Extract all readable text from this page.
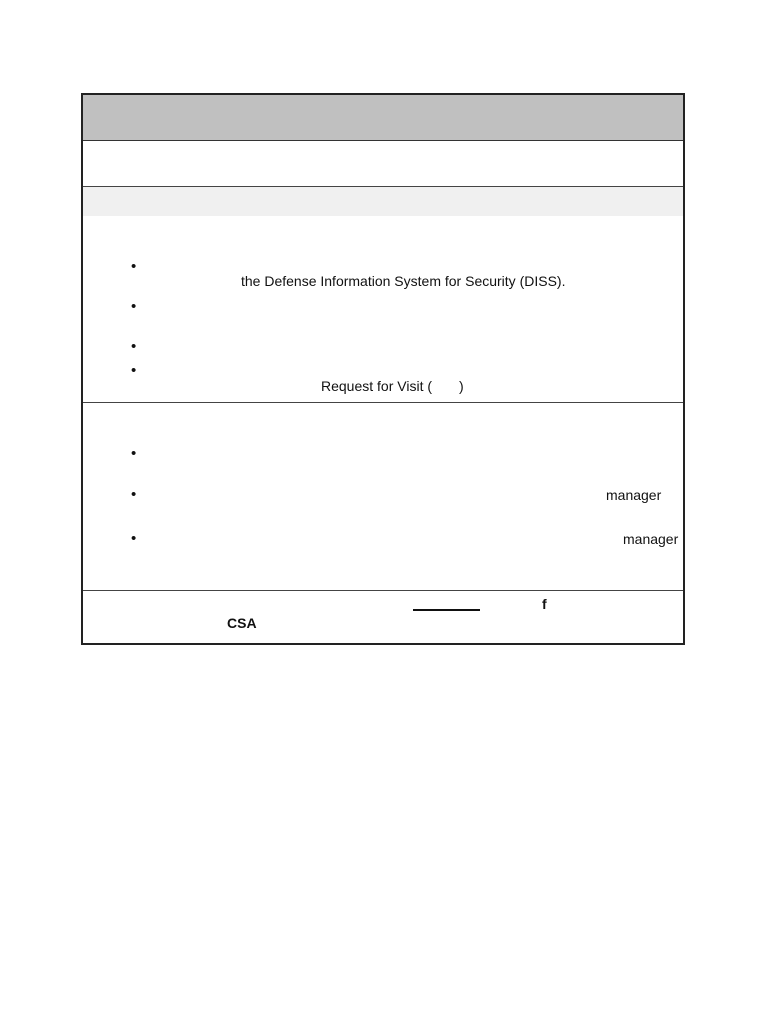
•
the Defense Information System for Security (DISS).
•
•
•
Request for Visit ( )
•
•	manager
•	manager
f
CSA
